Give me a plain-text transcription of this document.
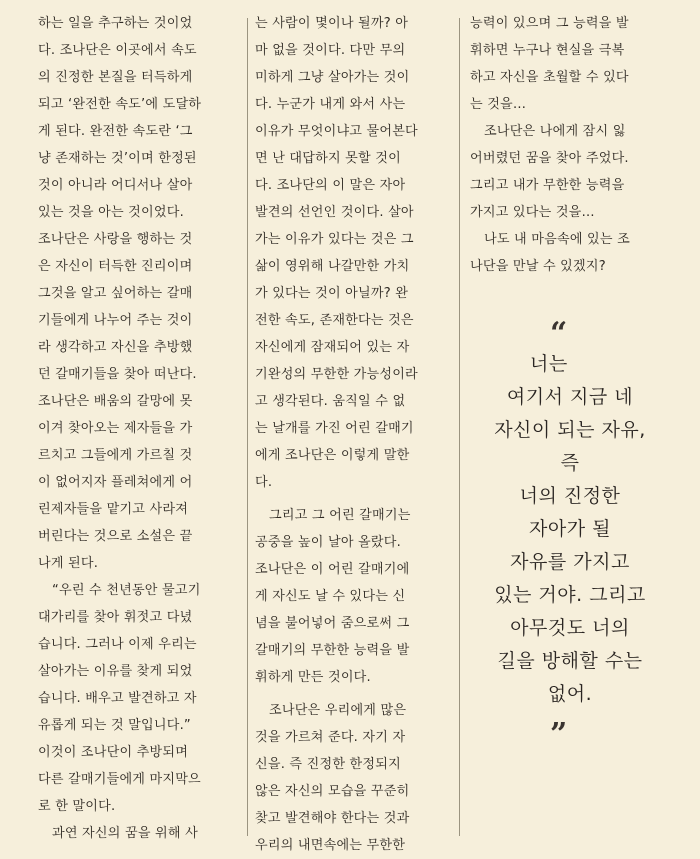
하는 일을 추구하는 것이었
다. 조나단은 이곳에서 속도
의 진정한 본질을 터득하게
되고 ‘완전한 속도’에 도달하
게 된다. 완전한 속도란 ‘그
냥 존재하는 것’이며 한정된
것이 아니라 어디서나 살아
있는 것을 아는 것이었다.
조나단은 사랑을 행하는 것
은 자신이 터득한 진리이며
그것을 알고 싶어하는 갈매
기들에게 나누어 주는 것이
라 생각하고 자신을 추방했
던 갈매기들을 찾아 떠난다.
조나단은 배움의 갈망에 못
이겨 찾아오는 제자들을 가
르치고 그들에게 가르칠 것
이 없어지자 플레쳐에게 어
린제자들을 맡기고 사라져
버린다는 것으로 소설은 끝
나게 된다.
“우린 수 천년동안 물고기
대가리를 찾아 휘젓고 다녔
습니다. 그러나 이제 우리는
살아가는 이유를 찾게 되었
습니다. 배우고 발견하고 자
유롭게 되는 것 말입니다.”
이것이 조나단이 추방되며
다른 갈매기들에게 마지막으
로 한 말이다.
과연 자신의 꿈을 위해 사
는 사람이 몇이나 될까? 아
마 없을 것이다. 다만 무의
미하게 그냥 살아가는 것이
다. 누군가 내게 와서 사는
이유가 무엇이냐고 물어본다
면 난 대답하지 못할 것이
다. 조나단의 이 말은 자아
발견의 선언인 것이다. 살아
가는 이유가 있다는 것은 그
삶이 영위해 나갈만한 가치
가 있다는 것이 아닐까? 완
전한 속도, 존재한다는 것은
자신에게 잠재되어 있는 자
기완성의 무한한 가능성이라
고 생각된다. 움직일 수 없
는 날개를 가진 어린 갈매기
에게 조나단은 이렇게 말한
다.
그리고 그 어린 갈매기는
공중을 높이 날아 올랐다.
조나단은 이 어린 갈매기에
게 자신도 날 수 있다는 신
념을 불어넣어 줌으로써 그
갈매기의 무한한 능력을 발
휘하게 만든 것이다.
조나단은 우리에게 많은
것을 가르쳐 준다. 자기 자
신을. 즉 진정한 한정되지
않은 자신의 모습을 꾸준히
찾고 발견해야 한다는 것과
우리의 내면속에는 무한한
능력이 있으며 그 능력을 발
휘하면 누구나 현실을 극복
하고 자신을 초월할 수 있다
는 것을…
조나단은 나에게 잠시 잃
어버렸던 꿈을 찾아 주었다.
그리고 내가 무한한 능력을
가지고 있다는 것을…
나도 내 마음속에 있는 조
나단을 만날 수 있겠지?
“
너는
여기서 지금 네
자신이 되는 자유,
즉
너의 진정한
자아가 될
자유를 가지고
있는 거야. 그리고
아무것도 너의
길을 방해할 수는
없어.
”
